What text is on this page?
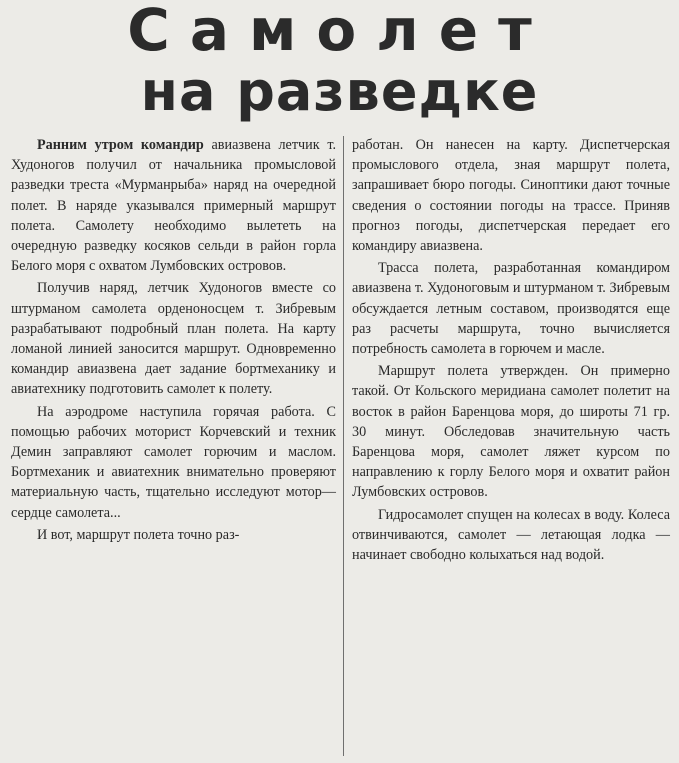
Самолет
на разведке

Ранним утром командир авиазвена летчик т. Худоногов получил от начальника промысловой разведки треста «Мурманрыба» наряд на очередной полет. В наряде указывался примерный маршрут полета. Самолету необходимо вылететь на очередную разведку косяков сельди в район горла Белого моря с охватом Лумбовских островов.

Получив наряд, летчик Худоногов вместе со штурманом самолета орденоносцем т. Зибревым разрабатывают подробный план полета. На карту ломаной линией заносится маршрут. Одновременно командир авиазвена дает задание бортмеханику и авиатехнику подготовить самолет к полету.

На аэродроме наступила горячая работа. С помощью рабочих моторист Корчевский и техник Демин заправляют самолет горючим и маслом. Бортмеханик и авиатехник внимательно проверяют материальную часть, тщательно исследуют мотор—сердце самолета...

И вот, маршрут полета точно раз-

работан. Он нанесен на карту. Диспетчерская промыслового отдела, зная маршрут полета, запрашивает бюро погоды. Синоптики дают точные сведения о состоянии погоды на трассе. Приняв прогноз погоды, диспетчерская передает его командиру авиазвена.

Трасса полета, разработанная командиром авиазвена т. Худоноговым и штурманом т. Зибревым обсуждается летным составом, производятся еще раз расчеты маршрута, точно вычисляется потребность самолета в горючем и масле.

Маршрут полета утвержден. Он примерно такой. От Кольского меридиана самолет полетит на восток в район Баренцова моря, до широты 71 гр. 30 минут. Обследовав значительную часть Баренцова моря, самолет ляжет курсом по направлению к горлу Белого моря и охватит район Лумбовских островов.

Гидросамолет спущен на колесах в воду. Колеса отвинчиваются, самолет — летающая лодка — начинает свободно колыхаться над водой.
